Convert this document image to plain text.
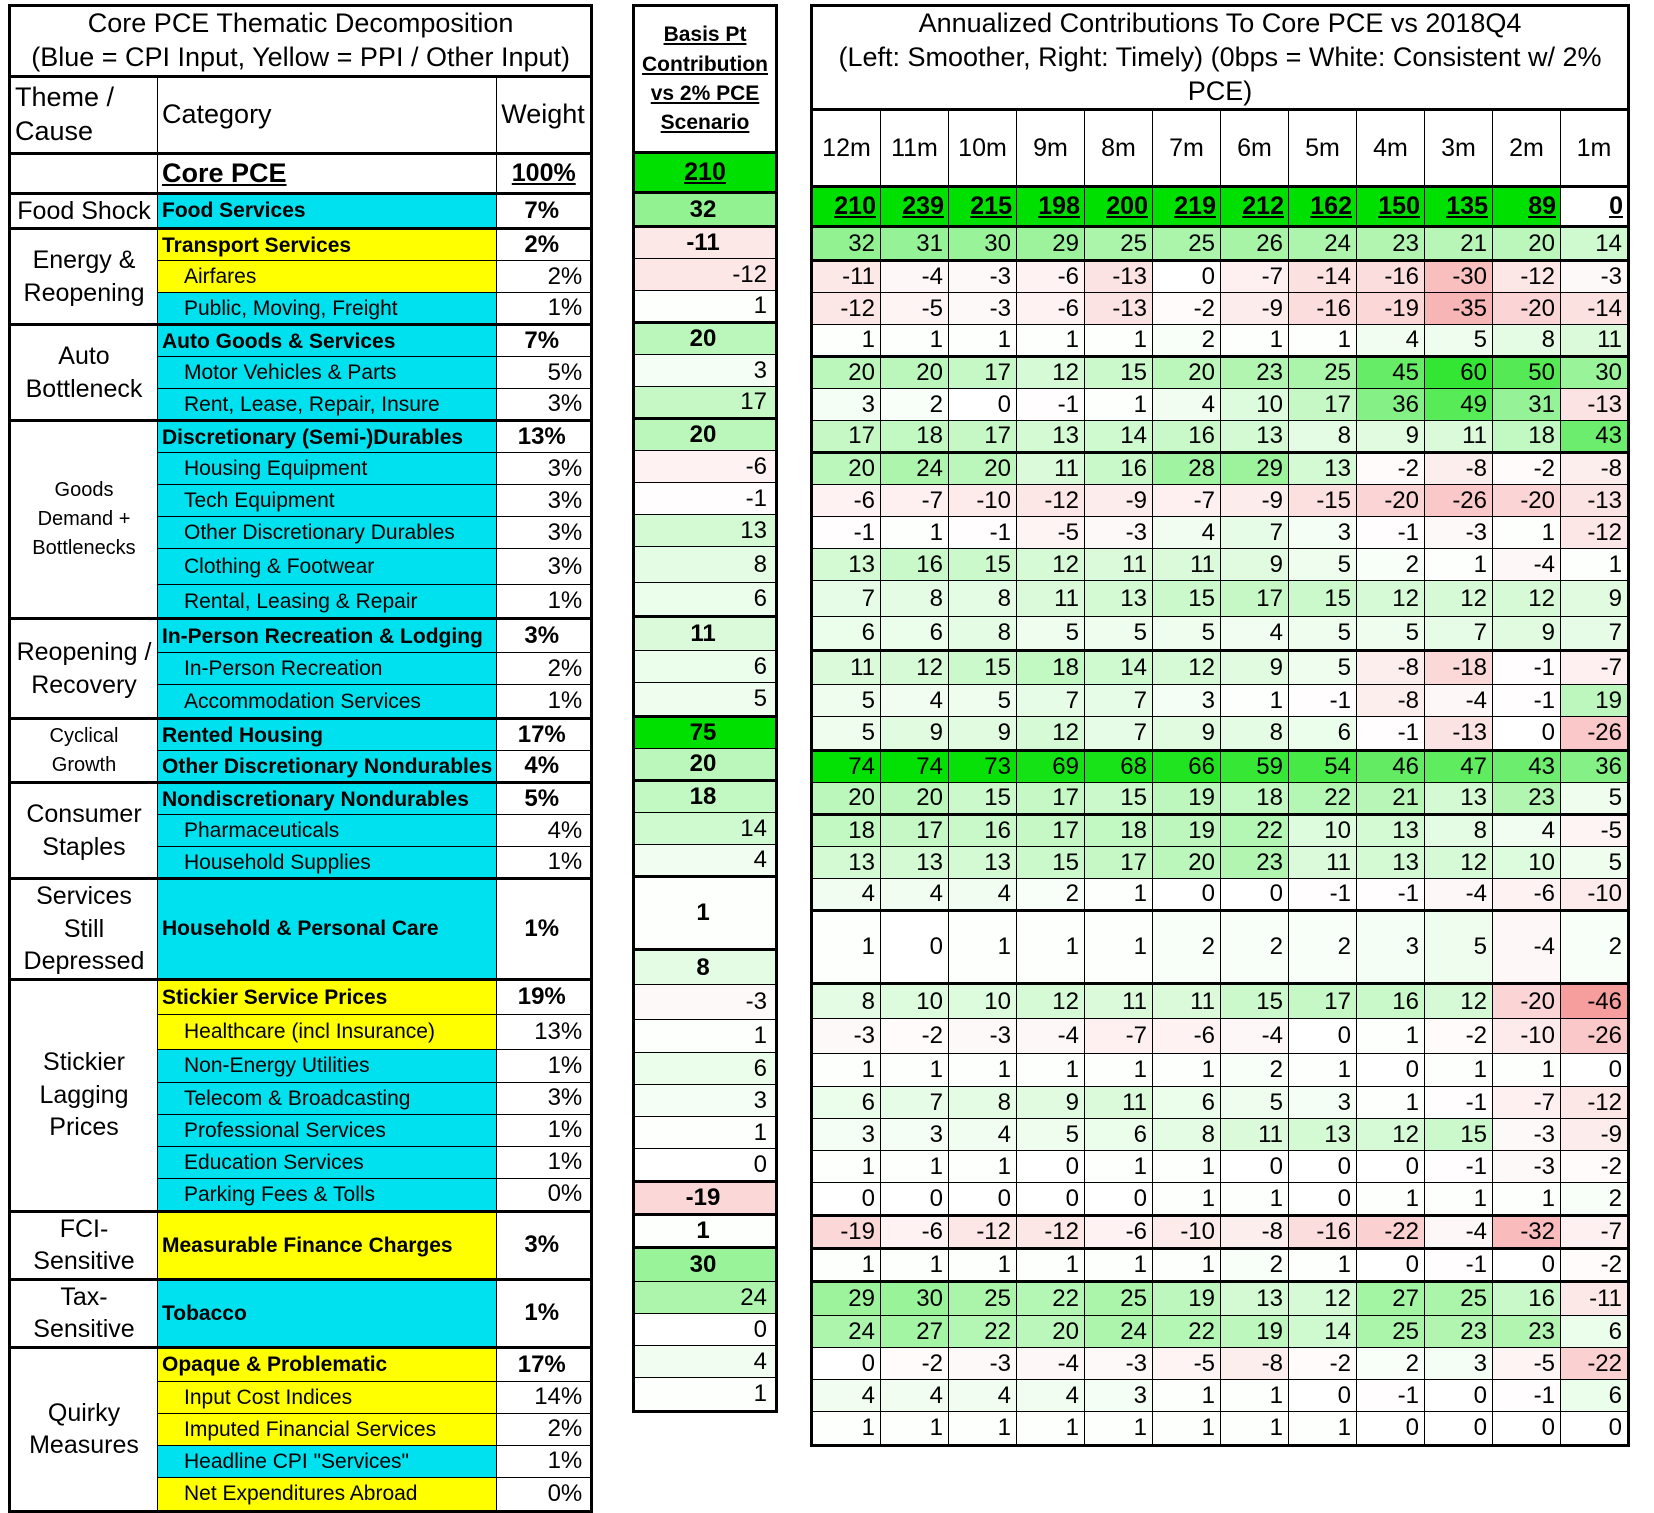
Core PCE Thematic Decomposition
(Blue = CPI Input, Yellow = PPI / Other Input)		

Theme / Cause	Category	Weight
	Core PCE	100%
Food Shock	Food Services	7%
Energy & Reopening	Transport Services	2%
	Airfares	2%
	Public, Moving, Freight	1%
Auto Bottleneck	Auto Goods & Services	7%
	Motor Vehicles & Parts	5%
	Rent, Lease, Repair, Insure	3%
Goods Demand + Bottlenecks	Discretionary (Semi-)Durables	13%
	Housing Equipment	3%
	Tech Equipment	3%
	Other Discretionary Durables	3%
	Clothing & Footwear	3%
	Rental, Leasing & Repair	1%
Reopening / Recovery	In-Person Recreation & Lodging	3%
	In-Person Recreation	2%
	Accommodation Services	1%
Cyclical Growth	Rented Housing	17%
	Other Discretionary Nondurables	4%
Consumer Staples	Nondiscretionary Nondurables	5%
	Pharmaceuticals	4%
	Household Supplies	1%
Services Still Depressed	Household & Personal Care	1%
Stickier Lagging Prices	Stickier Service Prices	19%
	Healthcare (incl Insurance)	13%
	Non-Energy Utilities	1%
	Telecom & Broadcasting	3%
	Professional Services	1%
	Education Services	1%
	Parking Fees & Tolls	0%
FCI-Sensitive	Measurable Finance Charges	3%
Tax-Sensitive	Tobacco	1%
Quirky Measures	Opaque & Problematic	17%
	Input Cost Indices	14%
	Imputed Financial Services	2%
	Headline CPI "Services"	1%
	Net Expenditures Abroad	0%
Basis Pt Contribution vs 2% PCE Scenario
210
32
-11
-12
1
20
3
17
20
-6
-1
13
8
6
11
6
5
75
20
18
14
4
1
8
-3
1
6
3
1
0
-19
1
30
24
0
4
1
Annualized Contributions To Core PCE vs 2018Q4
(Left: Smoother, Right: Timely) (0bps = White: Consistent w/ 2% PCE)											

12m	11m	10m	9m	8m	7m	6m	5m	4m	3m	2m	1m
210	239	215	198	200	219	212	162	150	135	89	0
32	31	30	29	25	25	26	24	23	21	20	14
-11	-4	-3	-6	-13	0	-7	-14	-16	-30	-12	-3
-12	-5	-3	-6	-13	-2	-9	-16	-19	-35	-20	-14
1	1	1	1	1	2	1	1	4	5	8	11
20	20	17	12	15	20	23	25	45	60	50	30
3	2	0	-1	1	4	10	17	36	49	31	-13
17	18	17	13	14	16	13	8	9	11	18	43
20	24	20	11	16	28	29	13	-2	-8	-2	-8
-6	-7	-10	-12	-9	-7	-9	-15	-20	-26	-20	-13
-1	1	-1	-5	-3	4	7	3	-1	-3	1	-12
13	16	15	12	11	11	9	5	2	1	-4	1
7	8	8	11	13	15	17	15	12	12	12	9
6	6	8	5	5	5	4	5	5	7	9	7
11	12	15	18	14	12	9	5	-8	-18	-1	-7
5	4	5	7	7	3	1	-1	-8	-4	-1	19
5	9	9	12	7	9	8	6	-1	-13	0	-26
74	74	73	69	68	66	59	54	46	47	43	36
20	20	15	17	15	19	18	22	21	13	23	5
18	17	16	17	18	19	22	10	13	8	4	-5
13	13	13	15	17	20	23	11	13	12	10	5
4	4	4	2	1	0	0	-1	-1	-4	-6	-10
1	0	1	1	1	2	2	2	3	5	-4	2
8	10	10	12	11	11	15	17	16	12	-20	-46
-3	-2	-3	-4	-7	-6	-4	0	1	-2	-10	-26
1	1	1	1	1	1	2	1	0	1	1	0
6	7	8	9	11	6	5	3	1	-1	-7	-12
3	3	4	5	6	8	11	13	12	15	-3	-9
1	1	1	0	1	1	0	0	0	-1	-3	-2
0	0	0	0	0	1	1	0	1	1	1	2
-19	-6	-12	-12	-6	-10	-8	-16	-22	-4	-32	-7
1	1	1	1	1	1	2	1	0	-1	0	-2
29	30	25	22	25	19	13	12	27	25	16	-11
24	27	22	20	24	22	19	14	25	23	23	6
0	-2	-3	-4	-3	-5	-8	-2	2	3	-5	-22
4	4	4	4	3	1	1	0	-1	0	-1	6
1	1	1	1	1	1	1	1	0	0	0	0
